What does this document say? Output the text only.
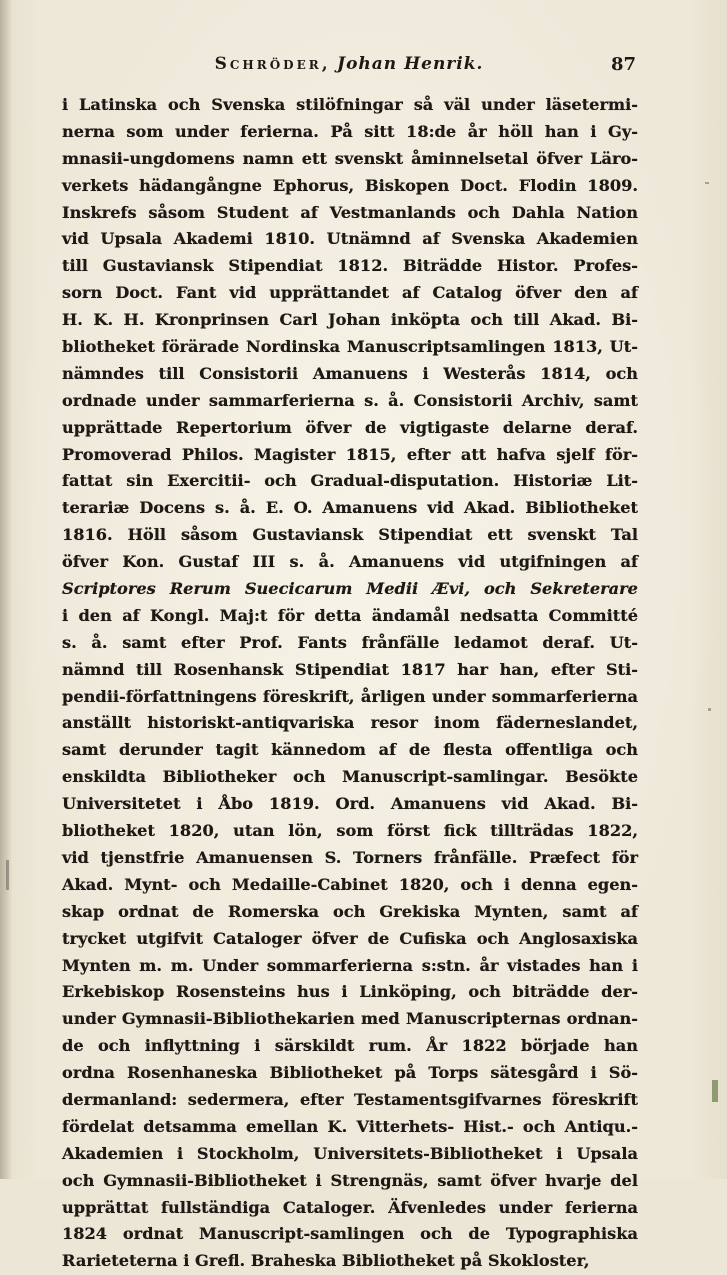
Schröder, Johan Henrik.	87
i Latinska och Svenska stilöfningar så väl under läsetermi-
nerna som under ferierna. På sitt 18:de år höll han i Gy-
mnasii-ungdomens namn ett svenskt åminnelsetal öfver Läro-
verkets hädangångne Ephorus, Biskopen Doct. Flodin 1809.
Inskrefs såsom Student af Vestmanlands och Dahla Nation
vid Upsala Akademi 1810. Utnämnd af Svenska Akademien
till Gustaviansk Stipendiat 1812. Biträdde Histor. Profes-
sorn Doct. Fant vid upprättandet af Catalog öfver den af
H. K. H. Kronprinsen Carl Johan inköpta och till Akad. Bi-
bliotheket förärade Nordinska Manuscriptsamlingen 1813, Ut-
nämndes till Consistorii Amanuens i Westerås 1814, och
ordnade under sammarferierna s. å. Consistorii Archiv, samt
upprättade Repertorium öfver de vigtigaste delarne deraf.
Promoverad Philos. Magister 1815, efter att hafva sjelf för-
fattat sin Exercitii- och Gradual-disputation. Historiæ Lit-
terariæ Docens s. å. E. O. Amanuens vid Akad. Bibliotheket
1816. Höll såsom Gustaviansk Stipendiat ett svenskt Tal
öfver Kon. Gustaf III s. å. Amanuens vid utgifningen af
Scriptores Rerum Suecicarum Medii Ævi, och Sekreterare
i den af Kongl. Maj:t för detta ändamål nedsatta Committé
s. å. samt efter Prof. Fants frånfälle ledamot deraf. Ut-
nämnd till Rosenhansk Stipendiat 1817 har han, efter Sti-
pendii-författningens föreskrift, årligen under sommarferierna
anställt historiskt-antiqvariska resor inom fäderneslandet,
samt derunder tagit kännedom af de flesta offentliga och
enskildta Bibliotheker och Manuscript-samlingar. Besökte
Universitetet i Åbo 1819. Ord. Amanuens vid Akad. Bi-
bliotheket 1820, utan lön, som först fick tillträdas 1822,
vid tjenstfrie Amanuensen S. Torners frånfälle. Præfect för
Akad. Mynt- och Medaille-Cabinet 1820, och i denna egen-
skap ordnat de Romerska och Grekiska Mynten, samt af
trycket utgifvit Cataloger öfver de Cufiska och Anglosaxiska
Mynten m. m. Under sommarferierna s:stn. år vistades han i
Erkebiskop Rosensteins hus i Linköping, och biträdde der-
under Gymnasii-Bibliothekarien med Manuscripternas ordnan-
de och inflyttning i särskildt rum. År 1822 började han
ordna Rosenhaneska Bibliotheket på Torps sätesgård i Sö-
dermanland: sedermera, efter Testamentsgifvarnes föreskrift
fördelat detsamma emellan K. Vitterhets- Hist.- och Antiqu.-
Akademien i Stockholm, Universitets-Bibliotheket i Upsala
och Gymnasii-Bibliotheket i Strengnäs, samt öfver hvarje del
upprättat fullständiga Cataloger. Äfvenledes under ferierna
1824 ordnat Manuscript-samlingen och de Typographiska
Rarieteterna i Grefl. Braheska Bibliotheket på Skokloster,
